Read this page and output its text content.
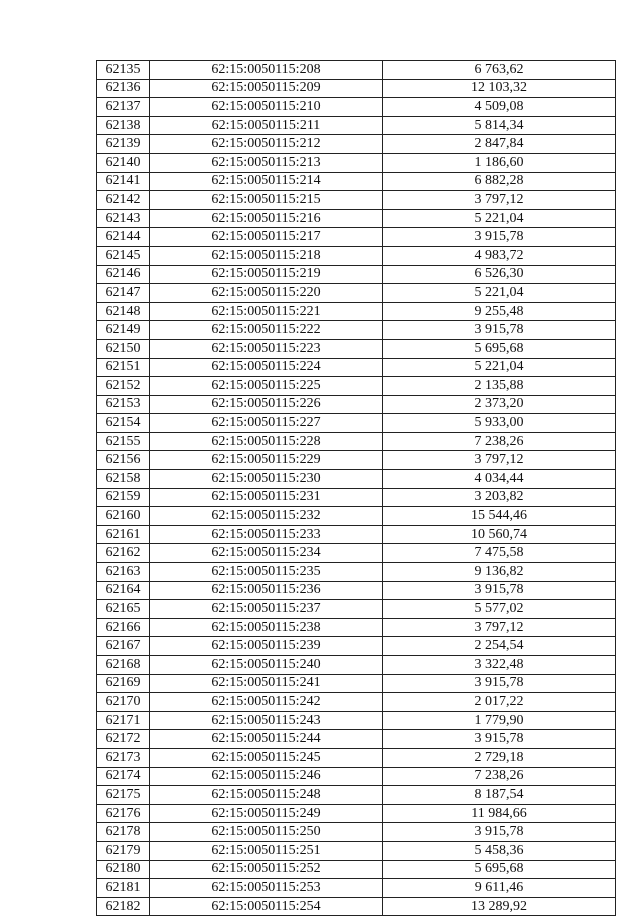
62135	62:15:0050115:208	6 763,62
62136	62:15:0050115:209	12 103,32
62137	62:15:0050115:210	4 509,08
62138	62:15:0050115:211	5 814,34
62139	62:15:0050115:212	2 847,84
62140	62:15:0050115:213	1 186,60
62141	62:15:0050115:214	6 882,28
62142	62:15:0050115:215	3 797,12
62143	62:15:0050115:216	5 221,04
62144	62:15:0050115:217	3 915,78
62145	62:15:0050115:218	4 983,72
62146	62:15:0050115:219	6 526,30
62147	62:15:0050115:220	5 221,04
62148	62:15:0050115:221	9 255,48
62149	62:15:0050115:222	3 915,78
62150	62:15:0050115:223	5 695,68
62151	62:15:0050115:224	5 221,04
62152	62:15:0050115:225	2 135,88
62153	62:15:0050115:226	2 373,20
62154	62:15:0050115:227	5 933,00
62155	62:15:0050115:228	7 238,26
62156	62:15:0050115:229	3 797,12
62158	62:15:0050115:230	4 034,44
62159	62:15:0050115:231	3 203,82
62160	62:15:0050115:232	15 544,46
62161	62:15:0050115:233	10 560,74
62162	62:15:0050115:234	7 475,58
62163	62:15:0050115:235	9 136,82
62164	62:15:0050115:236	3 915,78
62165	62:15:0050115:237	5 577,02
62166	62:15:0050115:238	3 797,12
62167	62:15:0050115:239	2 254,54
62168	62:15:0050115:240	3 322,48
62169	62:15:0050115:241	3 915,78
62170	62:15:0050115:242	2 017,22
62171	62:15:0050115:243	1 779,90
62172	62:15:0050115:244	3 915,78
62173	62:15:0050115:245	2 729,18
62174	62:15:0050115:246	7 238,26
62175	62:15:0050115:248	8 187,54
62176	62:15:0050115:249	11 984,66
62178	62:15:0050115:250	3 915,78
62179	62:15:0050115:251	5 458,36
62180	62:15:0050115:252	5 695,68
62181	62:15:0050115:253	9 611,46
62182	62:15:0050115:254	13 289,92
